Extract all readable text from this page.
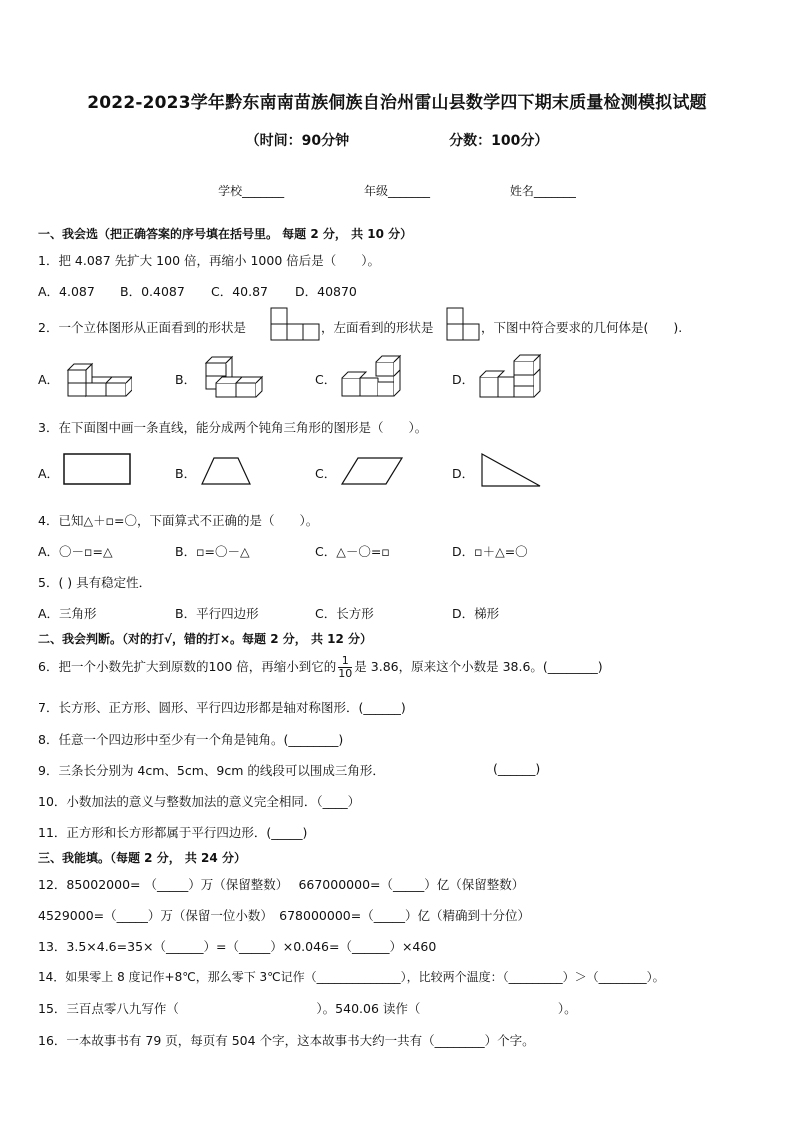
2022-2023学年黔东南南苗族侗族自治州雷山县数学四下期末质量检测模拟试题
（时间：90分钟	分数：100分）
学校_______	年级_______	姓名_______
一、我会选（把正确答案的序号填在括号里。 每题 2 分， 共 10 分）
1．把 4.087 先扩大 100 倍，再缩小 1000 倍后是（　　）。
A．4.087 B．0.4087 C．40.87 D．40870
2．一个立体图形从正面看到的形状是	，左面看到的形状是	，下图中符合要求的几何体是(　　).
A．	B．	C．	D．
3．在下面图中画一条直线，能分成两个钝角三角形的图形是（　　）。
A．	B．	C．	D．
4．已知△＋▫=〇，下面算式不正确的是（　　）。
A．〇－▫=△	B．▫=〇－△	C．△－〇=▫	D．▫＋△=〇
5．( ) 具有稳定性．
A．三角形	B．平行四边形	C．长方形	D．梯形
二、我会判断。（对的打√，错的打×。每题 2 分， 共 12 分）
6．把一个小数先扩大到原数的100 倍，再缩小到它的 $\frac{1}{10}$ 是 3.86，原来这个小数是 38.6。(________)
7．长方形、正方形、圆形、平行四边形都是轴对称图形．(______)
8．任意一个四边形中至少有一个角是钝角。(________)
9．三条长分别为 4cm、5cm、9cm 的线段可以围成三角形．	(______)
10．小数加法的意义与整数加法的意义完全相同．（____）
11．正方形和长方形都属于平行四边形．(_____)
三、我能填。（每题 2 分， 共 24 分）
12．85002000= （_____）万（保留整数）　 667000000=（_____）亿（保留整数）
4529000=（_____）万（保留一位小数）　678000000=（_____）亿（精确到十分位）
13．3.5×4.6=35×（______）=（_____）×0.046=（______）×460
14．如果零上 8 度记作+8℃，那么零下 3℃记作（______________），比较两个温度：（_________）＞（________）。
15．三百点零八九写作（　　　　　　　　　　　）。540.06 读作（　　　　　　　　　　　）。
16．一本故事书有 79 页，每页有 504 个字，这本故事书大约一共有（________）个字。
